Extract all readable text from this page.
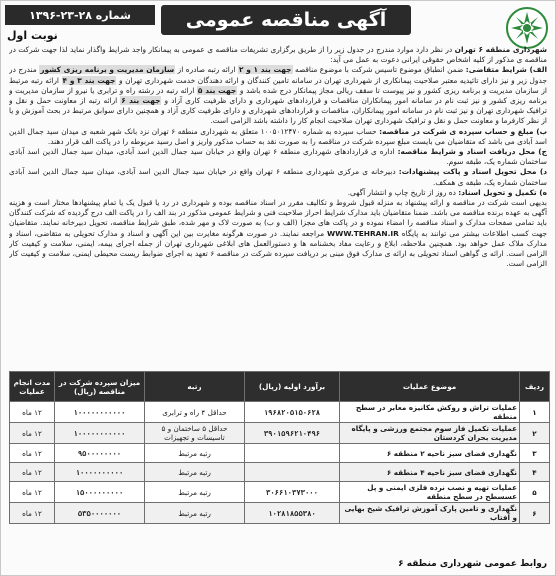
آگهی مناقصه عمومی
شماره ۲۸-۲۳-۱۳۹۶
نوبت اول

شهرداری منطقه ۶ تهران در نظر دارد موارد مندرج در جدول زیر را از طریق برگزاری تشریفات مناقصه ی عمومی به پیمانکار واجد شرایط واگذار نماید لذا جهت شرکت در مناقصه ی مذکور از کلیه اشخاص حقوقی ایرانی دعوت به عمل می آید:

الف) شرایط متقاضی: ضمن انطباق موضوع تاسیس شرکت با موضوع مناقصه جهت بند ۱ و ۲ ارائه رتبه صادره از سازمان مدیریت و برنامه ریزی کشور مندرج در جدول زیر و نیز دارای تائیدیه معتبر صلاحیت پیمانکاری از شهرداری تهران در سامانه تامین کنندگان و ارائه دهندگان خدمت شهرداری تهران و جهت بند ۳ و ۴ ارائه رتبه مرتبط از سازمان مدیریت و برنامه ریزی کشور و نیز پیوست تا سقف ریالی مجاز پیمانکار درج شده باشد و جهت بند ۵ ارائه رتبه در رشته راه و ترابری یا نیرو از سازمان مدیریت و برنامه ریزی کشور و نیز ثبت نام در سامانه امور پیمانکاران مناقصات و قراردادهای شهرداری و دارای ظرفیت کاری آزاد و جهت بند ۶ ارائه رتبه از معاونت حمل و نقل و ترافیک شهرداری تهران و نیز ثبت نام در سامانه امور پیمانکاران، مناقصات و قراردادهای شهرداری و دارای ظرفیت کاری آزاد و همچنین دارای سوابق مرتبط در بحث آموزش و یا از نظر کارفرما و معاونت حمل و نقل و ترافیک شهرداری تهران صلاحیت انجام کار را داشته باشد الزامی است.

ب) مبلغ و حساب سپرده ی شرکت در مناقصه: حساب سپرده به شماره ۱۰۰۵۰۱۲۴۷۰ متعلق به شهرداری منطقه ۶ تهران نزد بانک شهر شعبه ی میدان سید جمال الدین اسد آبادی می باشد که متقاضیان می بایست مبلغ سپرده شرکت در مناقصه را به صورت نقد به حساب مذکور واریز و اصل رسید مربوطه را در پاکت الف قرار دهند.

ج) محل دریافت اسناد و شرایط مناقصه: اداره ی قراردادهای شهرداری منطقه ۶ تهران واقع در خیابان سید جمال الدین اسد آبادی، میدان سید جمال الدین اسد آبادی ساختمان شماره یک، طبقه سوم.

د) محل تحویل اسناد و پاکت پیشنهادات: دبیرخانه ی مرکزی شهرداری منطقه ۶ تهران واقع در خیابان سید جمال الدین اسد آبادی، میدان سید جمال الدین اسد آبادی ساختمان شماره یک، طبقه ی همکف.

ه) تکمیل و تحویل اسناد: ده روز از تاریخ چاپ و انتشار آگهی.

بدیهی است شرکت در مناقصه و ارائه پیشنهاد به منزله قبول شروط و تکالیف مقرر در اسناد مناقصه بوده و شهرداری در رد یا قبول یک یا تمام پیشنهادها مختار است و هزینه آگهی به عهده برنده مناقصه می باشد. ضمنا متقاضیان باید مدارک شرایط احراز صلاحیت فنی و شرایط عمومی مذکور در بند الف را در پاکت الف درج گردیده که شرکت کنندگان باید تمامی صفحات مدارک و اسناد مناقصه را امضاء نموده و در پاکت های مجزا (الف و ب) به صورت لاک و مهر شده، طبق شرایط مناقصه، تحویل دبیرخانه نمایند. متقاضیان جهت کسب اطلاعات بیشتر می توانند به پایگاه WWW.TEHRAN.IR مراجعه نمایند. در صورت هرگونه مغایرت بین این آگهی و اسناد و مدارک تحویلی به متقاضی، اسناد و مدارک ملاک عمل خواهد بود. همچنین ملاحظه، ابلاغ و رعایت مفاد بخشنامه ها و دستورالعمل های ابلاغی شهرداری تهران از جمله اجرای بیمه، ایمنی، سلامت و کیفیت کار الزامی است. ارائه ی گواهی اسناد تحویلی به ارائه ی مدارک فوق مبنی بر دریافت سپرده شرکت در مناقصه ۶ تعهد به اجرای ضوابط ریست محیطی ایمنی، سلامت و کیفیت کار الزامی است.

ردیف	موضوع عملیات	برآورد اولیه (ریال)	رتبه	میزان سپرده شرکت در مناقصه (ریال)	مدت انجام عملیات
۱	عملیات تراش و روکش مکانیزه معابر در سطح منطقه	۱۹۶۸۲۰۵۱۵۰۶۲۸	حداقل ۴ راه و ترابری	۱۰۰۰۰۰۰۰۰۰۰۰	۱۲ ماه
۲	عملیات تکمیل فاز سوم مجتمع ورزشی و پایگاه مدیریت بحران کردستان	۳۹۰۱۵۹۶۲۱۰۴۹۶	حداقل ۵ ساختمان و ۵ تاسیسات و تجهیزات	۱۰۰۰۰۰۰۰۰۰۰۰	۱۲ ماه
۳	نگهداری فضای سبز ناحیه ۲ منطقه ۶		رتبه مرتبط	۹۵۰۰۰۰۰۰۰۰	۱۲ ماه
۴	نگهداری فضای سبز ناحیه ۴ منطقه ۶		رتبه مرتبط	۱۰۰۰۰۰۰۰۰۰۰	۱۲ ماه
۵	عملیات تهیه و نصب نرده فلزی ایمنی و پل عسسطح در سطح منطقه	۳۰۶۶۱۰۳۷۳۰۰۰	رتبه مرتبط	۱۵۰۰۰۰۰۰۰۰۰	۱۲ ماه
۶	نگهداری و تامین پارک آموزش ترافیک شیخ بهایی و آفتاب	۱۰۲۸۱۸۵۵۳۸۰	رتبه مرتبط	۵۳۵۰۰۰۰۰۰۰	۱۲ ماه
روابط عمومی شهرداری منطقه ۶
